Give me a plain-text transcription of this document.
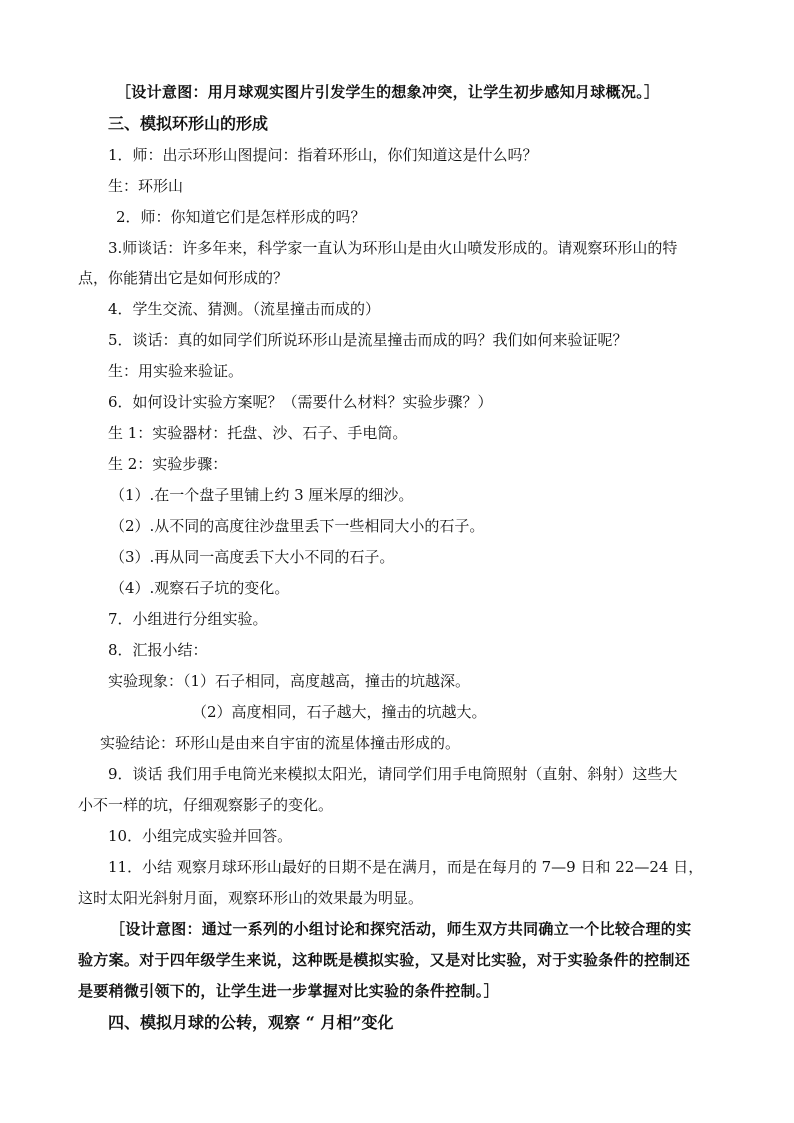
［设计意图：用月球观实图片引发学生的想象冲突，让学生初步感知月球概况。］
三、模拟环形山的形成
1．师：出示环形山图提问：指着环形山，你们知道这是什么吗？
生：环形山
2．师：你知道它们是怎样形成的吗？
3.师谈话：许多年来，科学家一直认为环形山是由火山喷发形成的。请观察环形山的特
点，你能猜出它是如何形成的？
4．学生交流、猜测。（流星撞击而成的）
5．谈话：真的如同学们所说环形山是流星撞击而成的吗？我们如何来验证呢？
生：用实验来验证。
6．如何设计实验方案呢？（需要什么材料？实验步骤？）
生 1：实验器材：托盘、沙、石子、手电筒。
生 2：实验步骤：
（1）.在一个盘子里铺上约 3 厘米厚的细沙。
（2）.从不同的高度往沙盘里丢下一些相同大小的石子。
（3）.再从同一高度丢下大小不同的石子。
（4）.观察石子坑的变化。
7．小组进行分组实验。
8．汇报小结：
实验现象：（1）石子相同，高度越高，撞击的坑越深。
（2）高度相同，石子越大，撞击的坑越大。
实验结论：环形山是由来自宇宙的流星体撞击形成的。
9．谈话 我们用手电筒光来模拟太阳光，请同学们用手电筒照射（直射、斜射）这些大
小不一样的坑，仔细观察影子的变化。
10．小组完成实验并回答。
11．小结 观察月球环形山最好的日期不是在满月，而是在每月的 7—9 日和 22—24 日，
这时太阳光斜射月面，观察环形山的效果最为明显。
［设计意图：通过一系列的小组讨论和探究活动，师生双方共同确立一个比较合理的实
验方案。对于四年级学生来说，这种既是模拟实验，又是对比实验，对于实验条件的控制还
是要稍微引领下的，让学生进一步掌握对比实验的条件控制。］
四、模拟月球的公转，观察 “ 月相”变化
